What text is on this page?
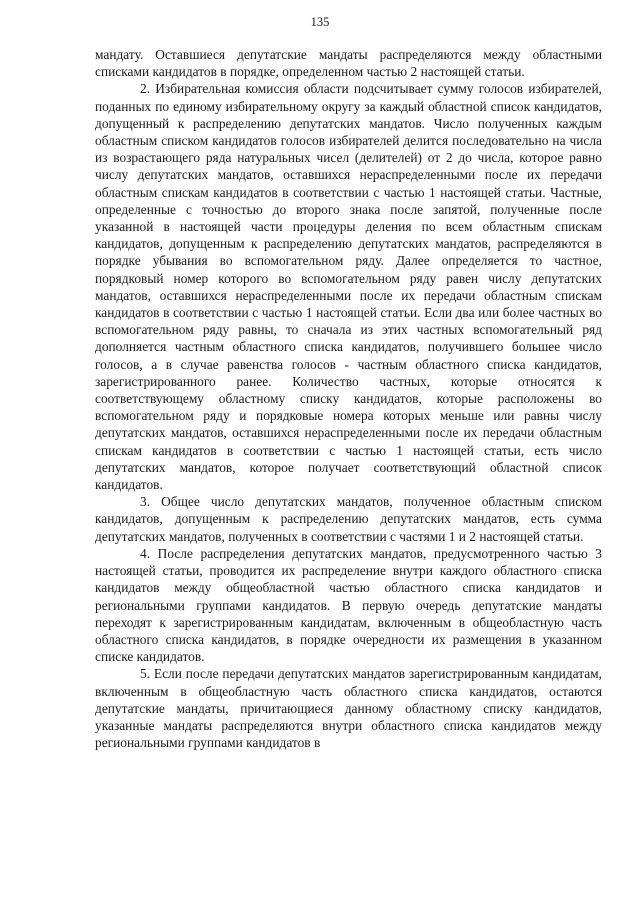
135

мандату. Оставшиеся депутатские мандаты распределяются между областными списками кандидатов в порядке, определенном частью 2 настоящей статьи.

2. Избирательная комиссия области подсчитывает сумму голосов избирателей, поданных по единому избирательному округу за каждый областной список кандидатов, допущенный к распределению депутатских мандатов. Число полученных каждым областным списком кандидатов голосов избирателей делится последовательно на числа из возрастающего ряда натуральных чисел (делителей) от 2 до числа, которое равно числу депутатских мандатов, оставшихся нераспределенными после их передачи областным спискам кандидатов в соответствии с частью 1 настоящей статьи. Частные, определенные с точностью до второго знака после запятой, полученные после указанной в настоящей части процедуры деления по всем областным спискам кандидатов, допущенным к распределению депутатских мандатов, распределяются в порядке убывания во вспомогательном ряду. Далее определяется то частное, порядковый номер которого во вспомогательном ряду равен числу депутатских мандатов, оставшихся нераспределенными после их передачи областным спискам кандидатов в соответствии с частью 1 настоящей статьи. Если два или более частных во вспомогательном ряду равны, то сначала из этих частных вспомогательный ряд дополняется частным областного списка кандидатов, получившего большее число голосов, а в случае равенства голосов - частным областного списка кандидатов, зарегистрированного ранее. Количество частных, которые относятся к соответствующему областному списку кандидатов, которые расположены во вспомогательном ряду и порядковые номера которых меньше или равны числу депутатских мандатов, оставшихся нераспределенными после их передачи областным спискам кандидатов в соответствии с частью 1 настоящей статьи, есть число депутатских мандатов, которое получает соответствующий областной список кандидатов.

3. Общее число депутатских мандатов, полученное областным списком кандидатов, допущенным к распределению депутатских мандатов, есть сумма депутатских мандатов, полученных в соответствии с частями 1 и 2 настоящей статьи.

4. После распределения депутатских мандатов, предусмотренного частью 3 настоящей статьи, проводится их распределение внутри каждого областного списка кандидатов между общеобластной частью областного списка кандидатов и региональными группами кандидатов. В первую очередь депутатские мандаты переходят к зарегистрированным кандидатам, включенным в общеобластную часть областного списка кандидатов, в порядке очередности их размещения в указанном списке кандидатов.

5. Если после передачи депутатских мандатов зарегистрированным кандидатам, включенным в общеобластную часть областного списка кандидатов, остаются депутатские мандаты, причитающиеся данному областному списку кандидатов, указанные мандаты распределяются внутри областного списка кандидатов между региональными группами кандидатов в
